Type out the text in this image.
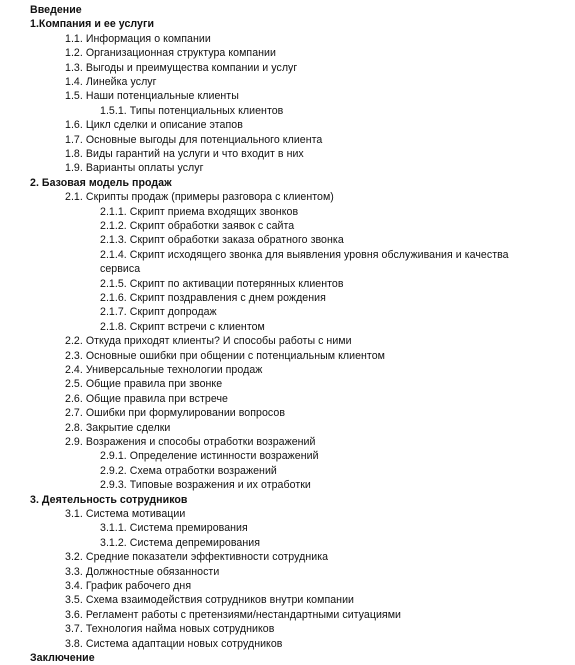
Введение
1.Компания и ее услуги
1.1. Информация о компании
1.2. Организационная структура компании
1.3. Выгоды и преимущества компании и услуг
1.4. Линейка услуг
1.5. Наши потенциальные клиенты
1.5.1. Типы потенциальных клиентов
1.6. Цикл сделки и описание этапов
1.7. Основные выгоды для потенциального клиента
1.8. Виды гарантий на услуги и что входит в них
1.9. Варианты оплаты услуг
2. Базовая модель продаж
2.1. Скрипты продаж (примеры разговора с клиентом)
2.1.1. Скрипт приема входящих звонков
2.1.2. Скрипт обработки заявок с сайта
2.1.3. Скрипт обработки заказа обратного звонка
2.1.4. Скрипт исходящего звонка для выявления уровня обслуживания и качества
сервиса
2.1.5. Скрипт по активации потерянных клиентов
2.1.6. Скрипт поздравления с днем рождения
2.1.7. Скрипт допродаж
2.1.8. Скрипт встречи с клиентом
2.2. Откуда приходят клиенты? И способы работы с ними
2.3. Основные ошибки при общении с потенциальным клиентом
2.4. Универсальные технологии продаж
2.5. Общие правила при звонке
2.6. Общие правила при встрече
2.7. Ошибки при формулировании вопросов
2.8. Закрытие сделки
2.9. Возражения и способы отработки возражений
2.9.1. Определение истинности возражений
2.9.2. Схема отработки возражений
2.9.3. Типовые возражения и их отработки
3. Деятельность сотрудников
3.1. Система мотивации
3.1.1. Система премирования
3.1.2. Система депремирования
3.2. Средние показатели эффективности сотрудника
3.3. Должностные обязанности
3.4. График рабочего дня
3.5. Схема взаимодействия сотрудников внутри компании
3.6. Регламент работы с претензиями/нестандартными ситуациями
3.7. Технология найма новых сотрудников
3.8. Система адаптации новых сотрудников
Заключение
